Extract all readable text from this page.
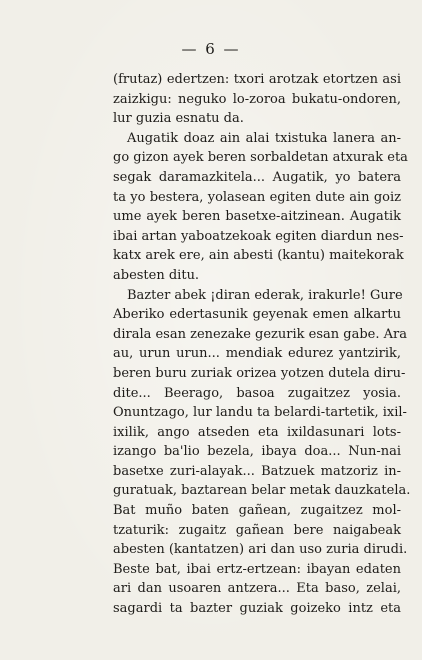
— 6 —

(frutaz) edertzen: txori arotzak etortzen asi
zaizkigu: neguko lo-zoroa bukatu-ondoren,
lur guzia esnatu da.

Augatik doaz ain alai txistuka lanera an-
go gizon ayek beren sorbaldetan atxurak eta
segak daramazkitela... Augatik, yo batera
ta yo bestera, yolasean egiten dute ain goiz
ume ayek beren basetxe-aitzinean. Augatik
ibai artan yaboatzekoak egiten diardun nes-
katx arek ere, ain abesti (kantu) maitekorak
abesten ditu.

Bazter abek ¡diran ederak, irakurle! Gure
Aberiko edertasunik geyenak emen alkartu
dirala esan zenezake gezurik esan gabe. Ara
au, urun urun... mendiak edurez yantzirik,
beren buru zuriak orizea yotzen dutela diru-
dite... Beerago, basoa zugaitzez yosia.
Onuntzago, lur landu ta belardi-tartetik, ixil-
ixilik, ango atseden eta ixildasunari lots-
izango ba'lio bezela, ibaya doa... Nun-nai
basetxe zuri-alayak... Batzuek matzoriz in-
guratuak, baztarean belar metak dauzkatela.
Bat muño baten gañean, zugaitzez mol-
tzaturik: zugaitz gañean bere naigabeak
abesten (kantatzen) ari dan uso zuria dirudi.
Beste bat, ibai ertz-ertzean: ibayan edaten
ari dan usoaren antzera... Eta baso, zelai,
sagardi ta bazter guziak goizeko intz eta
